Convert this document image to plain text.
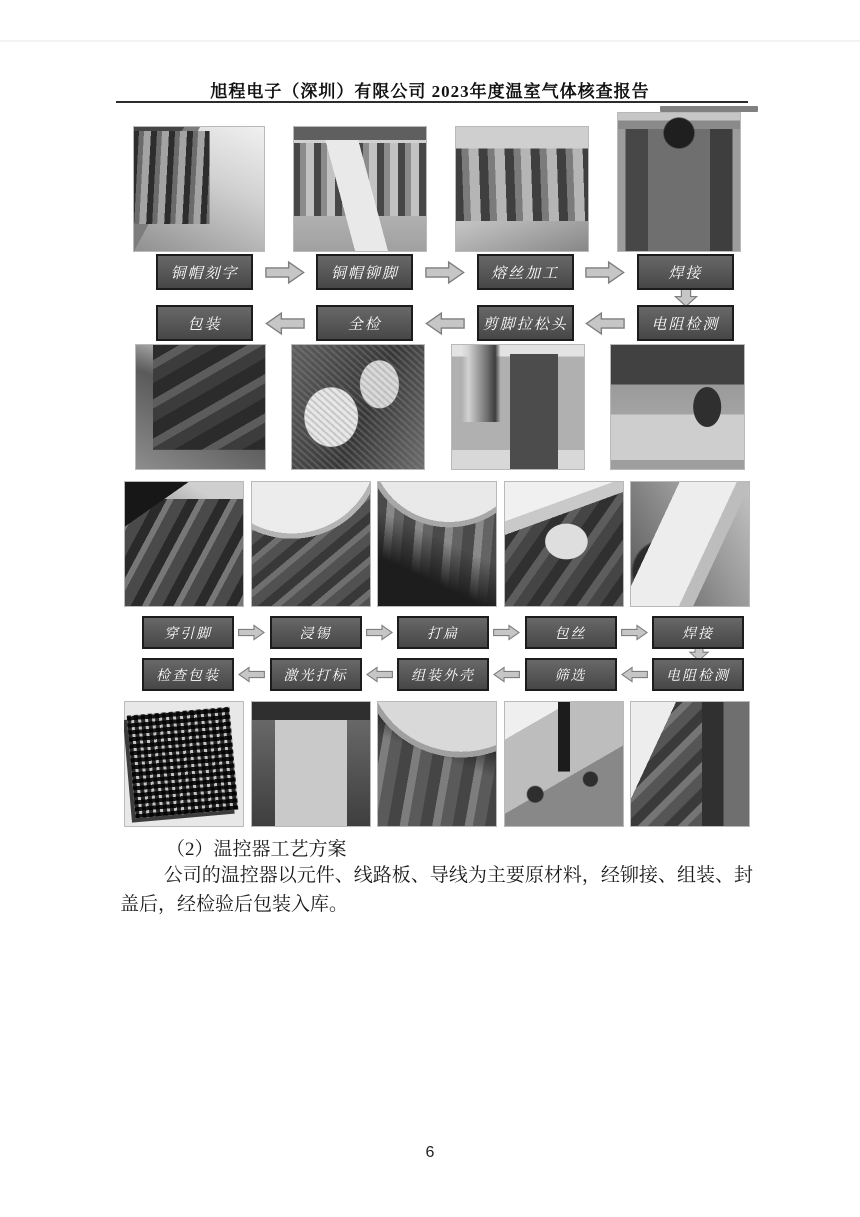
旭程电子（深圳）有限公司 2023年度温室气体核查报告
铜帽刻字	铜帽铆脚	熔丝加工	焊接
包装	全检	剪脚拉松头	电阻检测
穿引脚	浸锡	打扁	包丝	焊接
检查包装	激光打标	组装外壳	筛选	电阻检测
（2）温控器工艺方案
公司的温控器以元件、线路板、导线为主要原材料，经铆接、组装、封盖后，经检验后包装入库。
6
